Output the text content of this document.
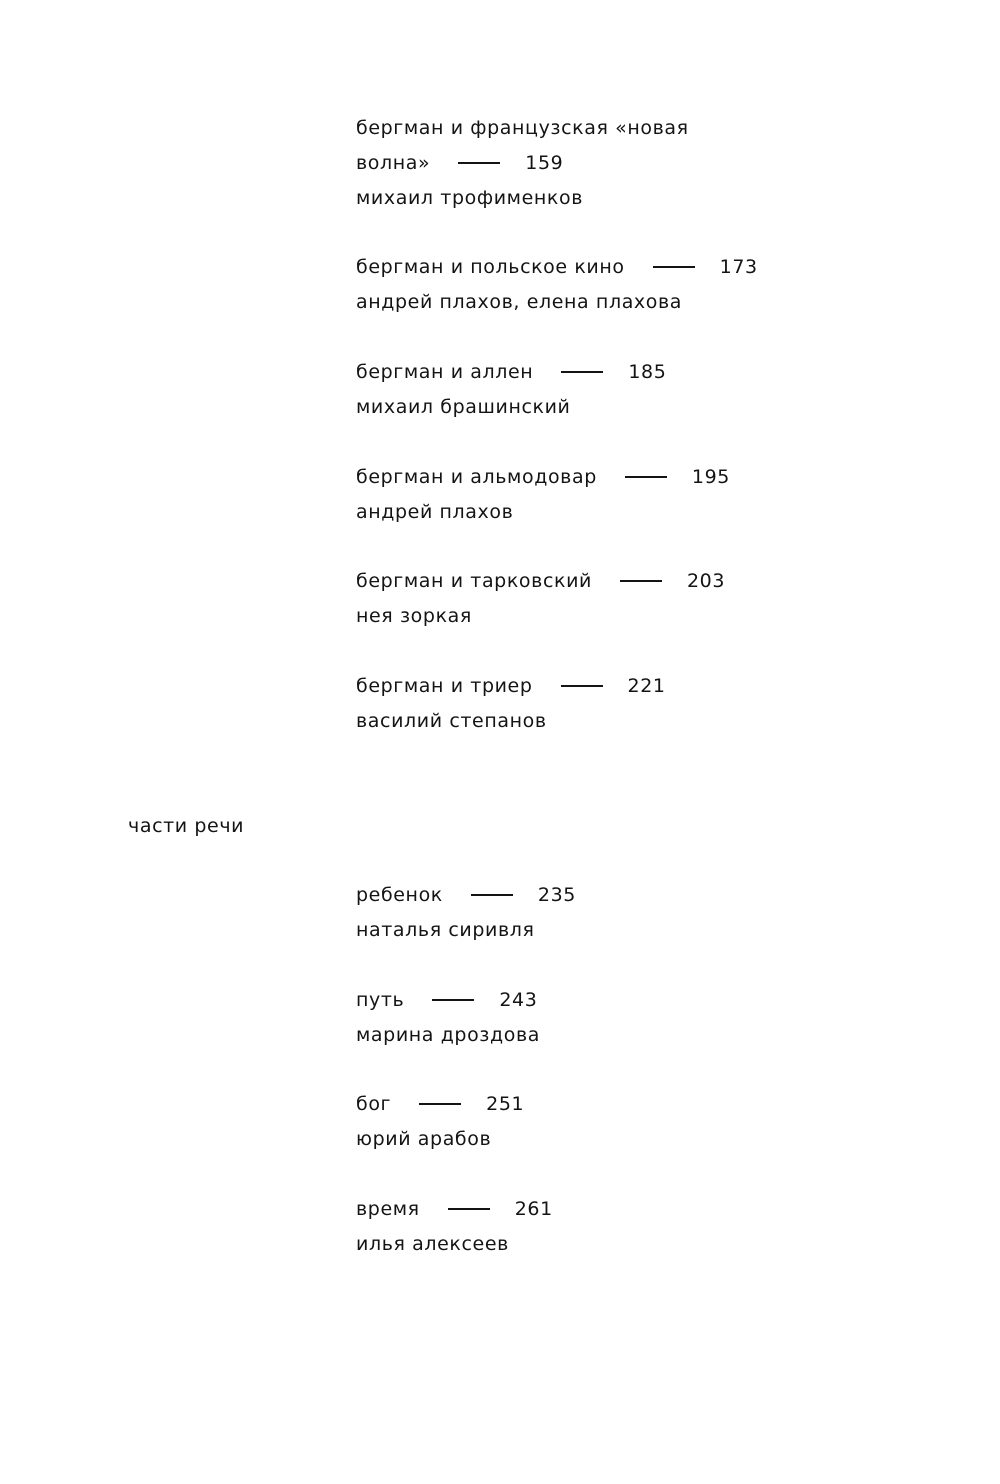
бергман и французская «новая
волна»	159
михаил трофименков
бергман и польское кино	173
андрей плахов, елена плахова
бергман и аллен	185
михаил брашинский
бергман и альмодовар	195
андрей плахов
бергман и тарковский	203
нея зоркая
бергман и триер	221
василий степанов
части речи
ребенок	235
наталья сиривля
путь	243
марина дроздова
бог	251
юрий арабов
время	261
илья алексеев
